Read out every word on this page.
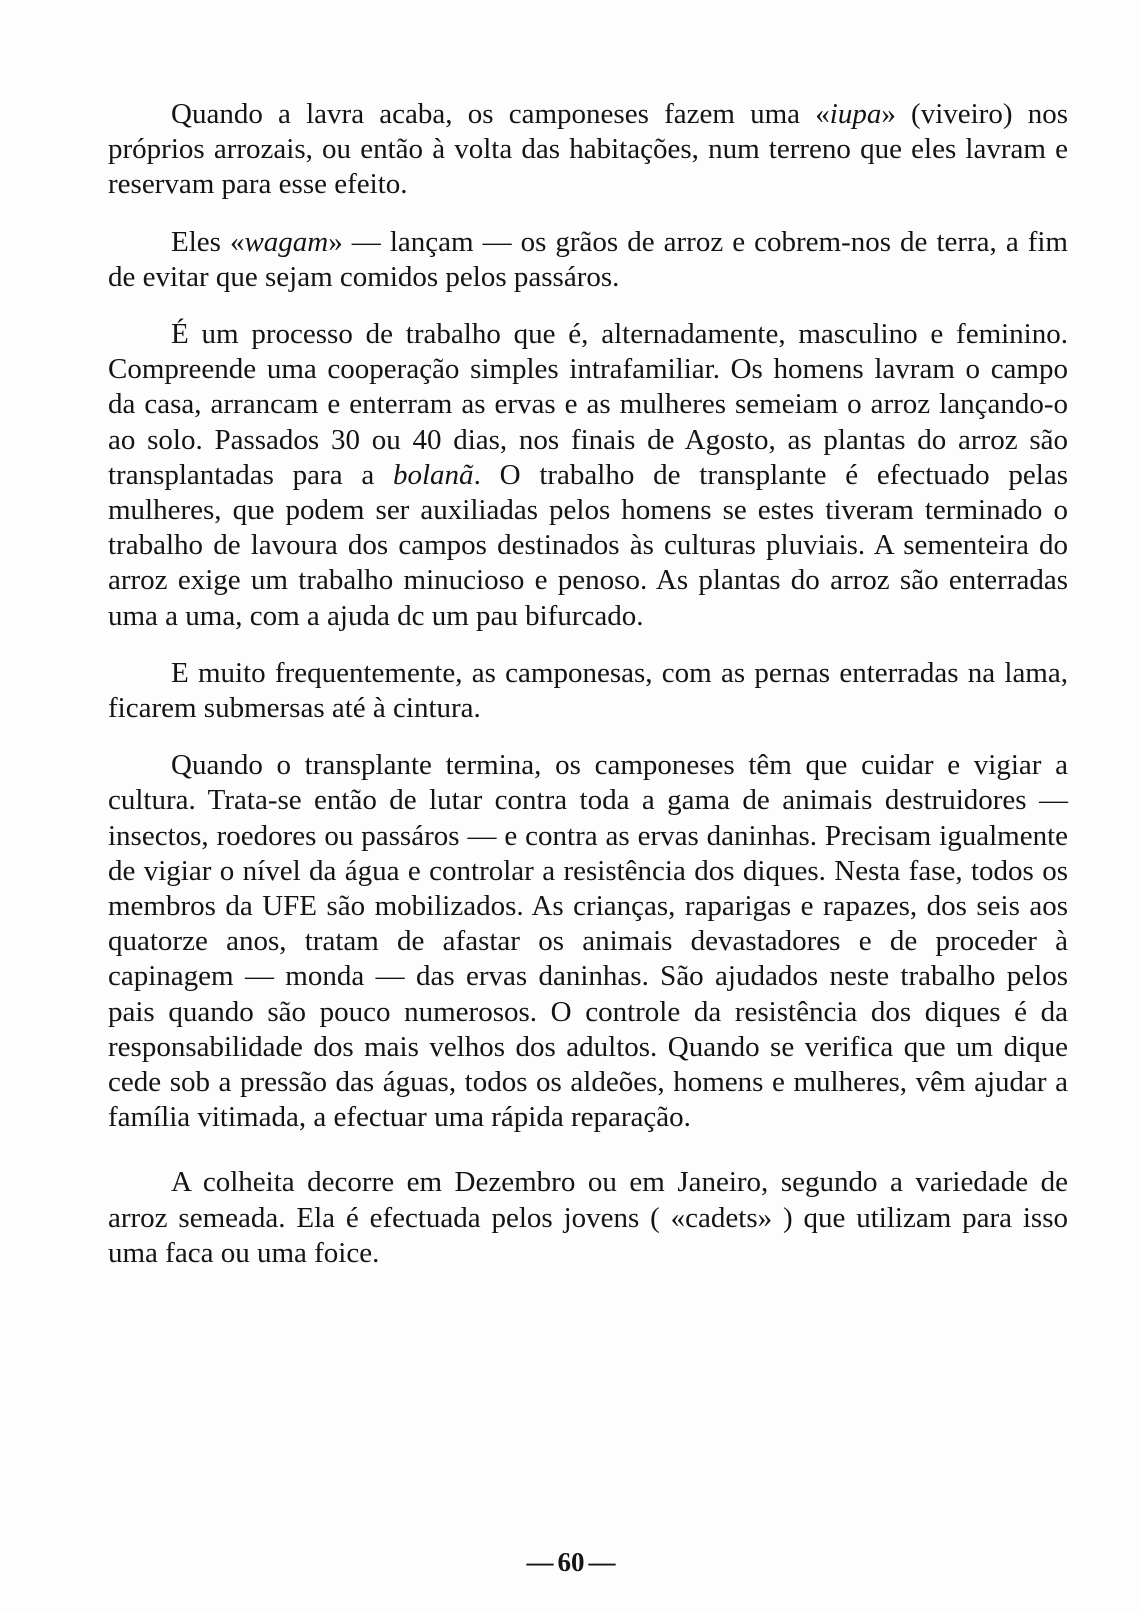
Quando a lavra acaba, os camponeses fazem uma «iupa» (viveiro) nos próprios arrozais, ou então à volta das habitações, num terreno que eles lavram e reservam para esse efeito.

Eles «wagam» — lançam — os grãos de arroz e cobrem-nos de terra, a fim de evitar que sejam comidos pelos passáros.

É um processo de trabalho que é, alternadamente, masculino e feminino. Compreende uma cooperação simples intrafamiliar. Os homens lavram o campo da casa, arrancam e enterram as ervas e as mulheres semeiam o arroz lançando-o ao solo. Passados 30 ou 40 dias, nos finais de Agosto, as plantas do arroz são transplantadas para a bolanã. O trabalho de transplante é efectuado pelas mulheres, que podem ser auxiliadas pelos homens se estes tiveram terminado o trabalho de lavoura dos campos destinados às culturas pluviais. A sementeira do arroz exige um trabalho minucioso e penoso. As plantas do arroz são enterradas uma a uma, com a ajuda dc um pau bifurcado.

E muito frequentemente, as camponesas, com as pernas enterradas na lama, ficarem submersas até à cintura.

Quando o transplante termina, os camponeses têm que cuidar e vigiar a cultura. Trata-se então de lutar contra toda a gama de animais destruidores — insectos, roedores ou passáros — e contra as ervas daninhas. Precisam igualmente de vigiar o nível da água e controlar a resistência dos diques. Nesta fase, todos os membros da UFE são mobilizados. As crianças, raparigas e rapazes, dos seis aos quatorze anos, tratam de afastar os animais devastadores e de proceder à capinagem — monda — das ervas daninhas. São ajudados neste trabalho pelos pais quando são pouco numerosos. O controle da resistência dos diques é da responsabilidade dos mais velhos dos adultos. Quando se verifica que um dique cede sob a pressão das águas, todos os aldeões, homens e mulheres, vêm ajudar a família vitimada, a efectuar uma rápida reparação.

A colheita decorre em Dezembro ou em Janeiro, segundo a variedade de arroz semeada. Ela é efectuada pelos jovens ( «cadets» ) que utilizam para isso uma faca ou uma foice.

— 60 —
